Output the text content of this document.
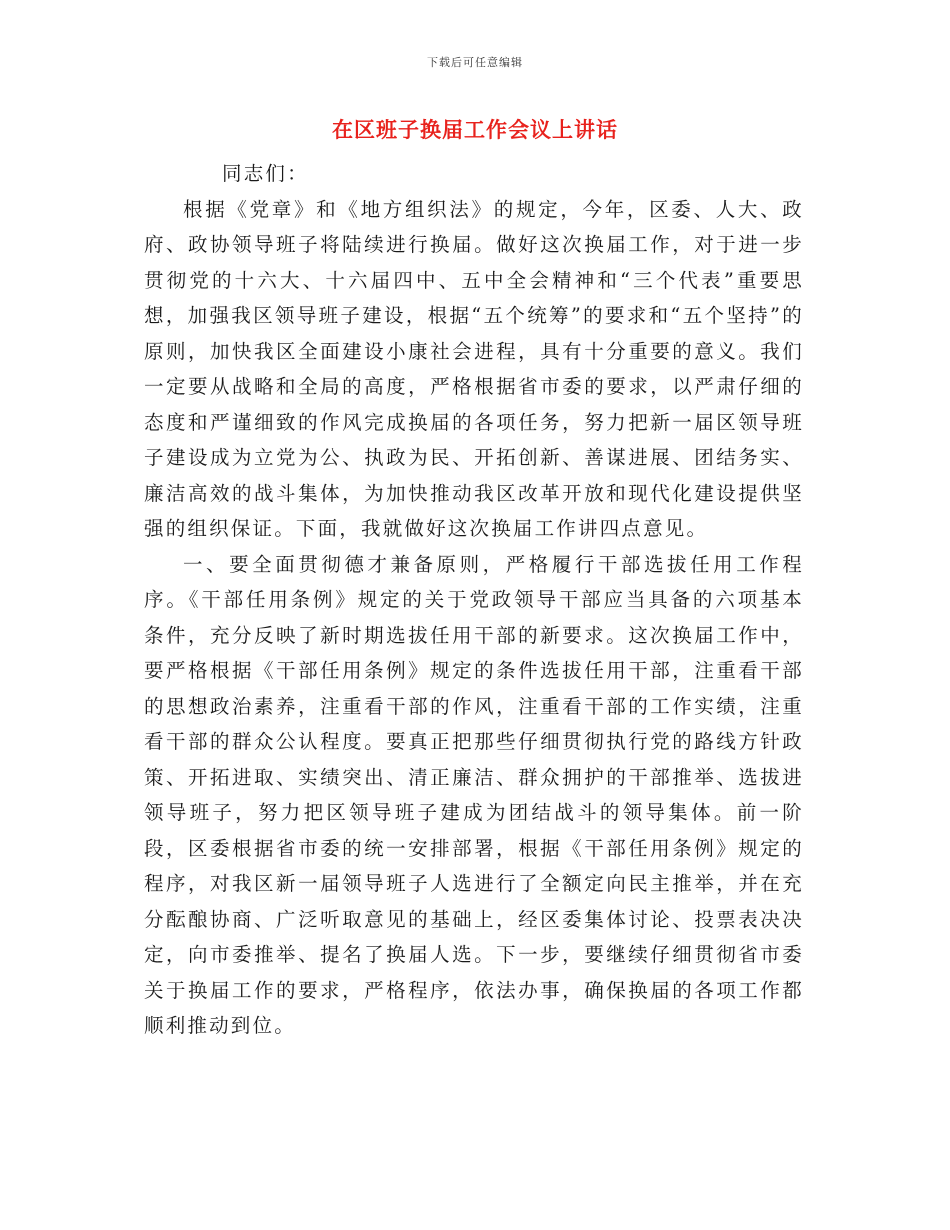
下载后可任意编辑
在区班子换届工作会议上讲话

同志们：

根据《党章》和《地方组织法》的规定，今年，区委、人大、政府、政协领导班子将陆续进行换届。做好这次换届工作，对于进一步贯彻党的十六大、十六届四中、五中全会精神和“三个代表”重要思想，加强我区领导班子建设，根据“五个统筹”的要求和“五个坚持”的原则，加快我区全面建设小康社会进程，具有十分重要的意义。我们一定要从战略和全局的高度，严格根据省市委的要求，以严肃仔细的态度和严谨细致的作风完成换届的各项任务，努力把新一届区领导班子建设成为立党为公、执政为民、开拓创新、善谋进展、团结务实、廉洁高效的战斗集体，为加快推动我区改革开放和现代化建设提供坚强的组织保证。下面，我就做好这次换届工作讲四点意见。

一、要全面贯彻德才兼备原则，严格履行干部选拔任用工作程序。《干部任用条例》规定的关于党政领导干部应当具备的六项基本条件，充分反映了新时期选拔任用干部的新要求。这次换届工作中，要严格根据《干部任用条例》规定的条件选拔任用干部，注重看干部的思想政治素养，注重看干部的作风，注重看干部的工作实绩，注重看干部的群众公认程度。要真正把那些仔细贯彻执行党的路线方针政策、开拓进取、实绩突出、清正廉洁、群众拥护的干部推举、选拔进领导班子，努力把区领导班子建成为团结战斗的领导集体。前一阶段，区委根据省市委的统一安排部署，根据《干部任用条例》规定的程序，对我区新一届领导班子人选进行了全额定向民主推举，并在充分酝酿协商、广泛听取意见的基础上，经区委集体讨论、投票表决决定，向市委推举、提名了换届人选。下一步，要继续仔细贯彻省市委关于换届工作的要求，严格程序，依法办事，确保换届的各项工作都顺利推动到位。
